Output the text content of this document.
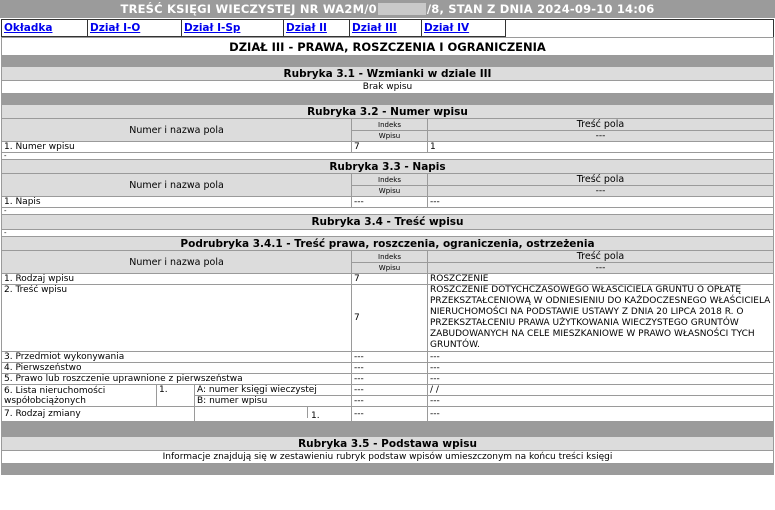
TREŚĆ KSIĘGI WIECZYSTEJ NR WA2M/0	/8, STAN Z DNIA 2024-09-10 14:06
Okładka	Dział I-O	Dział I-Sp	Dział II	Dział III	Dział IV	
DZIAŁ III - PRAWA, ROSZCZENIA I OGRANICZENIA				

Rubryka 3.1 - Wzmianki w dziale III				
Brak wpisu				

Rubryka 3.2 - Numer wpisu				
Numer i nazwa pola			Indeks	Treść pola
			Wpisu	---
1. Numer wpisu			7	1
-				
Rubryka 3.3 - Napis				
Numer i nazwa pola			Indeks	Treść pola
			Wpisu	---
1. Napis			---	---
-				
Rubryka 3.4 - Treść wpisu				
-				
Podrubryka 3.4.1 - Treść prawa, roszczenia, ograniczenia, ostrzeżenia				
Numer i nazwa pola			Indeks	Treść pola
			Wpisu	---
1. Rodzaj wpisu			7	ROSZCZENIE
2. Treść wpisu			7	ROSZCZENIE DOTYCHCZASOWEGO WŁAŚCICIELA GRUNTU O OPŁATĘ PRZEKSZTAŁCENIOWĄ W ODNIESIENIU DO KAŻDOCZESNEGO WŁAŚCICIELA NIERUCHOMOŚCI NA PODSTAWIE USTAWY Z DNIA 20 LIPCA 2018 R. O PRZEKSZTAŁCENIU PRAWA UŻYTKOWANIA WIECZYSTEGO GRUNTÓW ZABUDOWANYCH NA CELE MIESZKANIOWE W PRAWO WŁASNOŚCI TYCH GRUNTÓW.
3. Przedmiot wykonywania			---	---
4. Pierwszeństwo			---	---
5. Prawo lub roszczenie uprawnione z pierwszeństwa			---	---
6. Lista nieruchomości współobciążonych	1.	A: numer księgi wieczystej	---	/ /
		B: numer wpisu	---	---
7. Rodzaj zmiany		1.	---	---

Rubryka 3.5 - Podstawa wpisu				
Informacje znajdują się w zestawieniu rubryk podstaw wpisów umieszczonym na końcu treści księgi				
